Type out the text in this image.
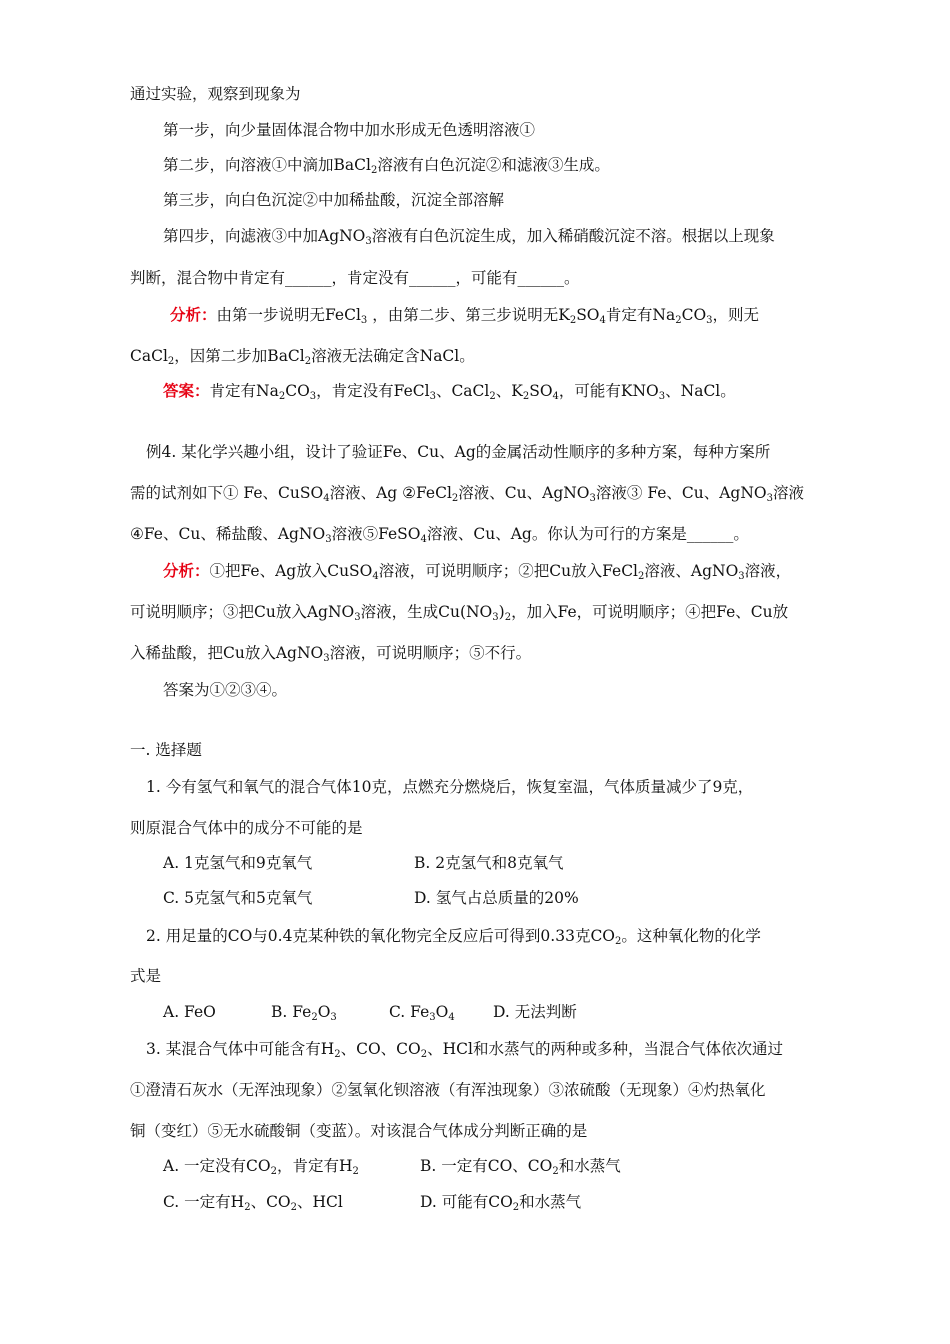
通过实验，观察到现象为
第一步，向少量固体混合物中加水形成无色透明溶液①
第二步，向溶液①中滴加BaCl$_2$溶液有白色沉淀②和滤液③生成。
第三步，向白色沉淀②中加稀盐酸，沉淀全部溶解
第四步，向滤液③中加AgNO$_3$溶液有白色沉淀生成，加入稀硝酸沉淀不溶。根据以上现象
判断，混合物中肯定有______，肯定没有______，可能有______。
分析：由第一步说明无FeCl$_3$ ，由第二步、第三步说明无$K_2SO_4$肯定有$Na_2CO_3$，则无
CaCl$_2$，因第二步加BaCl$_2$溶液无法确定含NaCl。
答案：肯定有$Na_2CO_3$，肯定没有FeCl$_3$、CaCl$_2$、$K_2SO_4$，可能有$KNO_3$、NaCl。
例4. 某化学兴趣小组，设计了验证Fe、Cu、Ag的金属活动性顺序的多种方案，每种方案所
需的试剂如下① Fe、CuSO$_4$溶液、Ag ②FeCl$_2$溶液、Cu、AgNO$_3$溶液③ Fe、Cu、AgNO$_3$溶液
④Fe、Cu、稀盐酸、AgNO$_3$溶液⑤FeSO$_4$溶液、Cu、Ag。你认为可行的方案是______。
分析：①把Fe、Ag放入CuSO$_4$溶液，可说明顺序；②把Cu放入FeCl$_2$溶液、AgNO$_3$溶液，
可说明顺序；③把Cu放入AgNO$_3$溶液，生成$Cu(NO_3)_2$，加入Fe，可说明顺序；④把Fe、Cu放
入稀盐酸，把Cu放入AgNO$_3$溶液，可说明顺序；⑤不行。
答案为①②③④。
一. 选择题
1. 今有氢气和氧气的混合气体10克，点燃充分燃烧后，恢复室温，气体质量减少了9克，
则原混合气体中的成分不可能的是
A. 1克氢气和9克氧气	B. 2克氢气和8克氧气
C. 5克氢气和5克氧气	D. 氢气占总质量的20%
2. 用足量的CO与0.4克某种铁的氧化物完全反应后可得到0.33克$CO_2$。这种氧化物的化学
式是
A. FeO	B. $Fe_2O_3$	C. $Fe_3O_4$ D. 无法判断
3. 某混合气体中可能含有$H_2$、CO、$CO_2$、HCl和水蒸气的两种或多种，当混合气体依次通过
①澄清石灰水（无浑浊现象）②氢氧化钡溶液（有浑浊现象）③浓硫酸（无现象）④灼热氧化
铜（变红）⑤无水硫酸铜（变蓝）。对该混合气体成分判断正确的是
A. 一定没有$CO_2$，肯定有$H_2$	B. 一定有CO、$CO_2$和水蒸气
C. 一定有$H_2$、$CO_2$、HCl	D. 可能有$CO_2$和水蒸气
